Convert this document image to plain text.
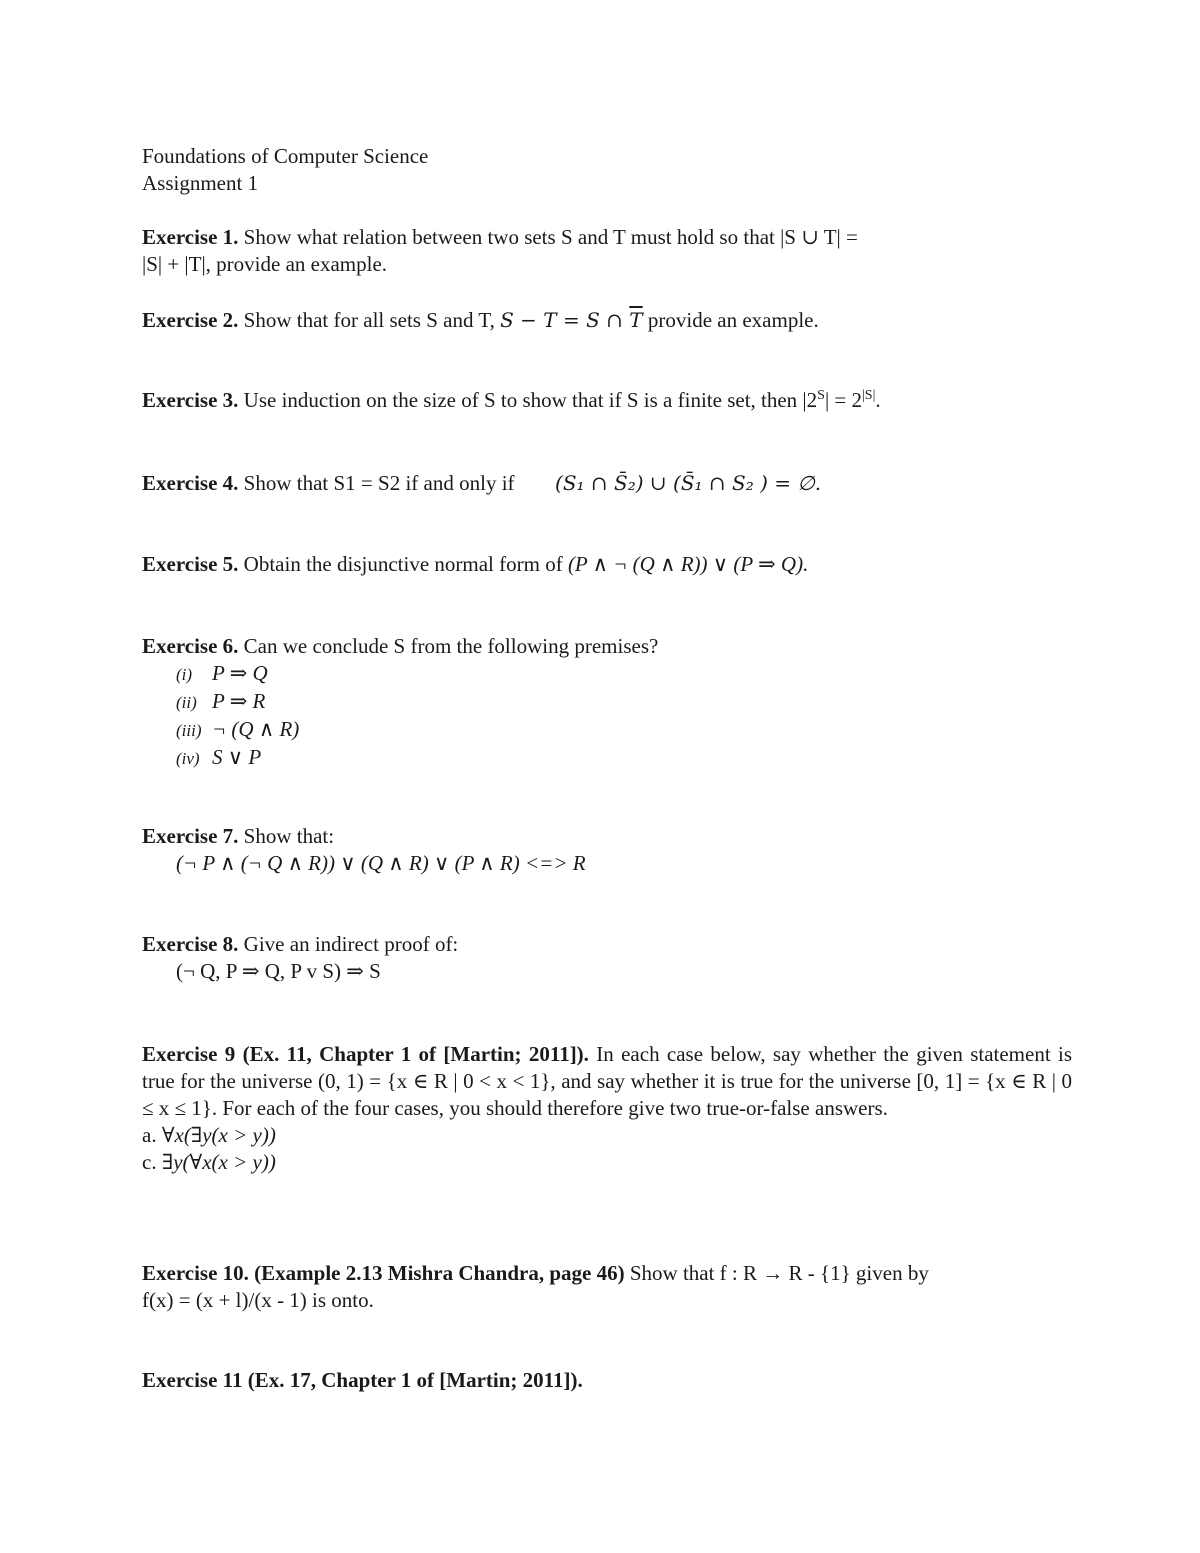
Foundations of Computer Science
Assignment 1
Exercise 1. Show what relation between two sets S and T must hold so that |S ∪ T| =
|S| + |T|, provide an example.
Exercise 2. Show that for all sets S and T, S − T = S ∩ $\overline{T}$ provide an example.
Exercise 3. Use induction on the size of S to show that if S is a finite set, then $|2^S| = 2^{|S|}$.
Exercise 4. Show that S1 = S2 if and only if (S₁ ∩ S̄₂) ∪ (S̄₁ ∩ S₂ ) = ∅.
Exercise 5. Obtain the disjunctive normal form of (P ∧ ¬ (Q ∧ R)) ∨ (P ⇒ Q).
Exercise 6. Can we conclude S from the following premises?
(i) P ⇒ Q
(ii) P ⇒ R
(iii) ¬ (Q ∧ R)
(iv) S ∨ P
Exercise 7. Show that:
(¬ P ∧ (¬ Q ∧ R)) ∨ (Q ∧ R) ∨ (P ∧ R) <=> R
Exercise 8. Give an indirect proof of:
(¬ Q, P ⇒ Q, P v S) ⇒ S
Exercise 9 (Ex. 11, Chapter 1 of [Martin; 2011]). In each case below, say whether the given statement is true for the universe (0, 1) = {x ∈ R | 0 < x < 1}, and say whether it is true for the universe [0, 1] = {x ∈ R | 0 ≤ x ≤ 1}. For each of the four cases, you should therefore give two true-or-false answers.
a. ∀x(∃y(x > y))
c. ∃y(∀x(x > y))
Exercise 10. (Example 2.13 Mishra Chandra, page 46) Show that f : R → R - {1} given by
f(x) = (x + l)/(x - 1) is onto.
Exercise 11 (Ex. 17, Chapter 1 of [Martin; 2011]).
